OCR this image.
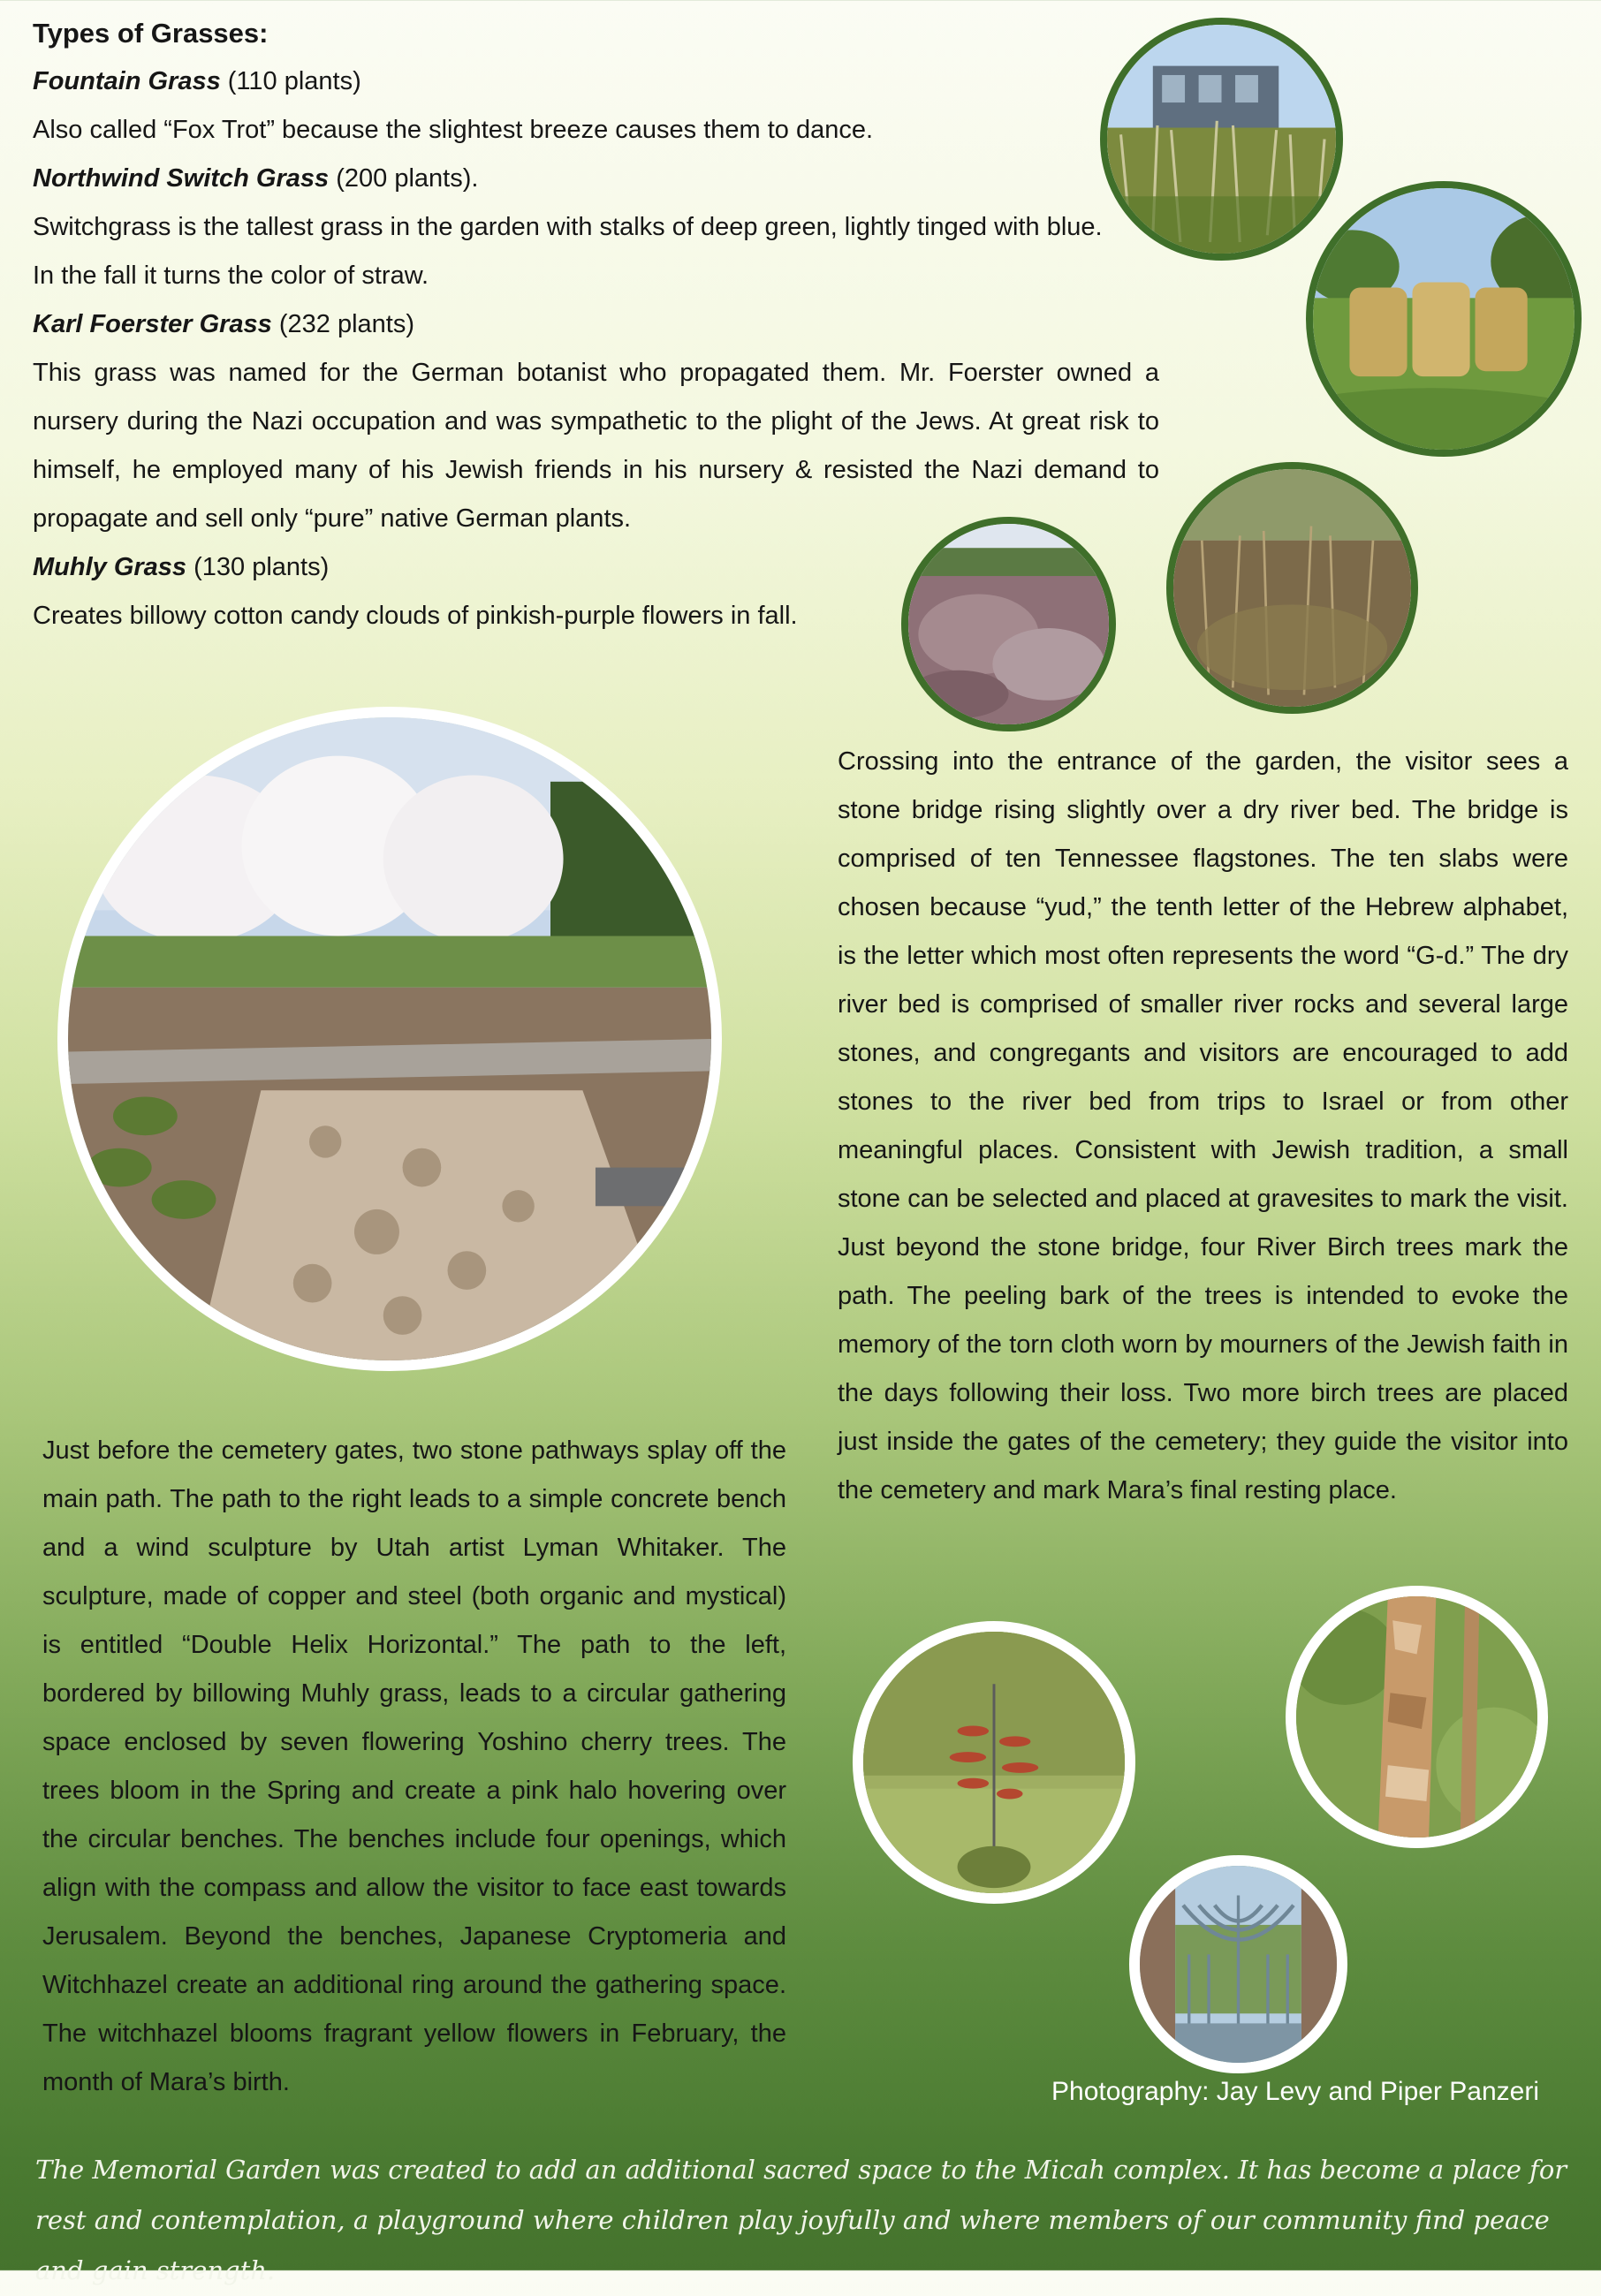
Types of Grasses:

Fountain Grass (110 plants)

Also called “Fox Trot” because the slightest breeze causes them to dance.

Northwind Switch Grass (200 plants).

Switchgrass is the tallest grass in the garden with stalks of deep green, lightly tinged with blue. In the fall it turns the color of straw.

Karl Foerster Grass (232 plants)

This grass was named for the German botanist who propagated them. Mr. Foerster owned a nursery during the Nazi occupation and was sympathetic to the plight of the Jews. At great risk to himself, he employed many of his Jewish friends in his nursery & resisted the Nazi demand to propagate and sell only “pure” native German plants.

Muhly Grass (130 plants)

Creates billowy cotton candy clouds of pinkish-purple flowers in fall.

Crossing into the entrance of the garden, the visitor sees a stone bridge rising slightly over a dry river bed. The bridge is comprised of ten Tennessee flagstones. The ten slabs were chosen because “yud,” the tenth letter of the Hebrew alphabet, is the letter which most often represents the word “G-d.” The dry river bed is comprised of smaller river rocks and several large stones, and congregants and visitors are encouraged to add stones to the river bed from trips to Israel or from other meaningful places. Consistent with Jewish tradition, a small stone can be selected and placed at gravesites to mark the visit. Just beyond the stone bridge, four River Birch trees mark the path. The peeling bark of the trees is intended to evoke the memory of the torn cloth worn by mourners of the Jewish faith in the days following their loss. Two more birch trees are placed just inside the gates of the cemetery; they guide the visitor into the cemetery and mark Mara’s final resting place.
Just before the cemetery gates, two stone pathways splay off the main path. The path to the right leads to a simple concrete bench and a wind sculpture by Utah artist Lyman Whitaker. The sculpture, made of copper and steel (both organic and mystical) is entitled “Double Helix Horizontal.” The path to the left, bordered by billowing Muhly grass, leads to a circular gathering space enclosed by seven flowering Yoshino cherry trees. The trees bloom in the Spring and create a pink halo hovering over the circular benches. The benches include four openings, which align with the compass and allow the visitor to face east towards Jerusalem. Beyond the benches, Japanese Cryptomeria and Witchhazel create an additional ring around the gathering space. The witchhazel blooms fragrant yellow flowers in February, the month of Mara’s birth.	Photography: Jay Levy and Piper Panzeri
The Memorial Garden was created to add an additional sacred space to the Micah complex. It has become a place for rest and contemplation, a playground where children play joyfully and where members of our community find peace and gain strength.
